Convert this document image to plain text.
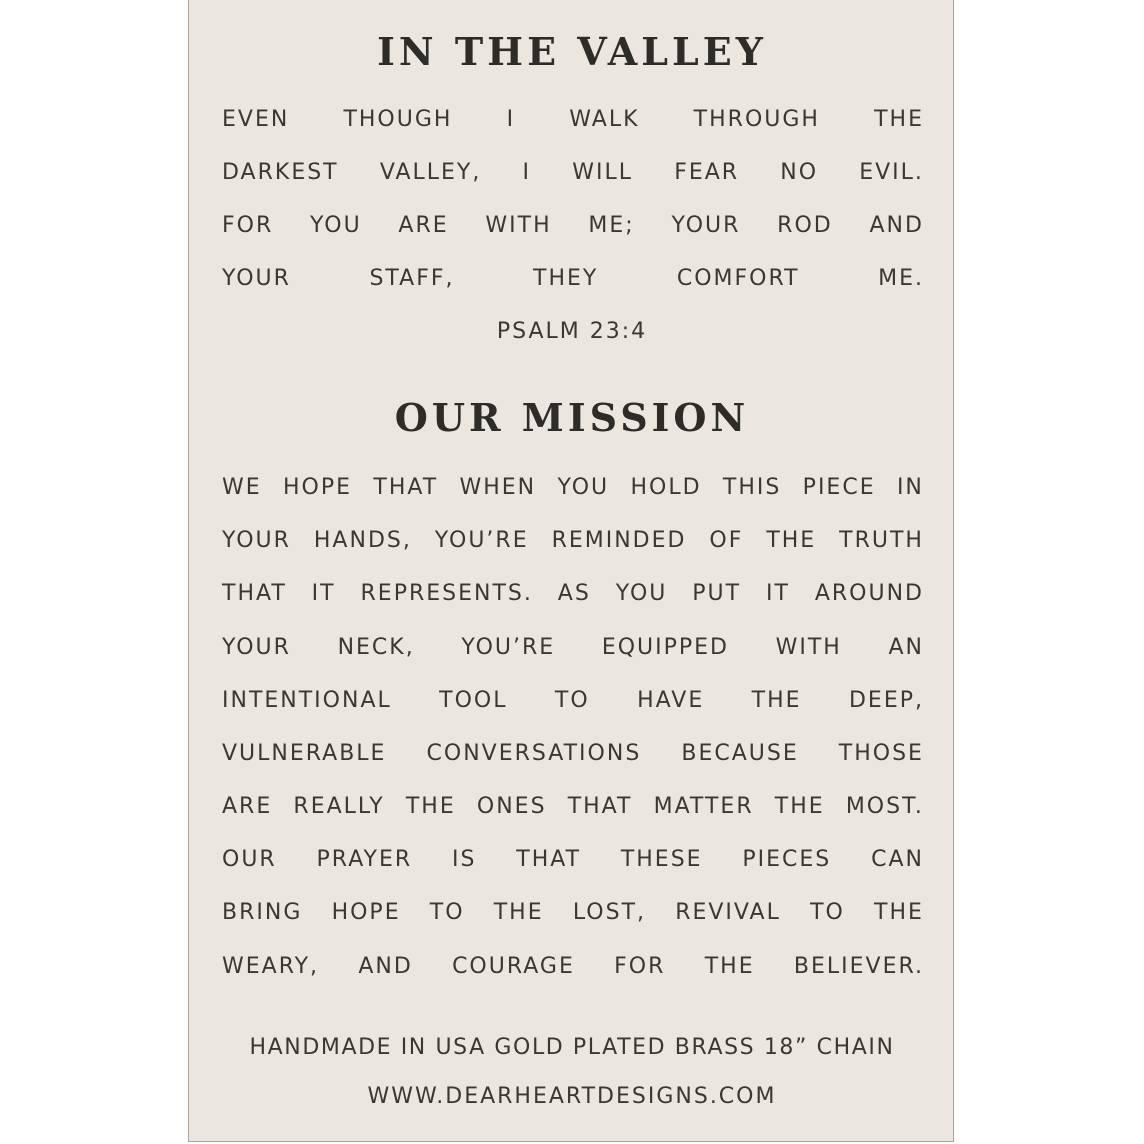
IN THE VALLEY
EVEN THOUGH I WALK THROUGH THE
DARKEST VALLEY, I WILL FEAR NO EVIL.
FOR YOU ARE WITH ME; YOUR ROD AND
YOUR	STAFF,	THEY	COMFORT	ME.
PSALM 23:4
OUR MISSION
WE HOPE THAT WHEN YOU HOLD THIS PIECE IN
YOUR HANDS, YOU’RE REMINDED OF THE TRUTH
THAT IT REPRESENTS. AS YOU PUT IT AROUND
YOUR NECK, YOU’RE EQUIPPED WITH AN
INTENTIONAL TOOL TO HAVE THE DEEP,
VULNERABLE CONVERSATIONS BECAUSE THOSE
ARE REALLY THE ONES THAT MATTER THE MOST.
OUR PRAYER IS THAT THESE PIECES CAN
BRING HOPE TO THE LOST, REVIVAL TO THE
WEARY, AND COURAGE FOR THE BELIEVER.
HANDMADE IN USA GOLD PLATED BRASS 18” CHAIN
WWW.DEARHEARTDESIGNS.COM
